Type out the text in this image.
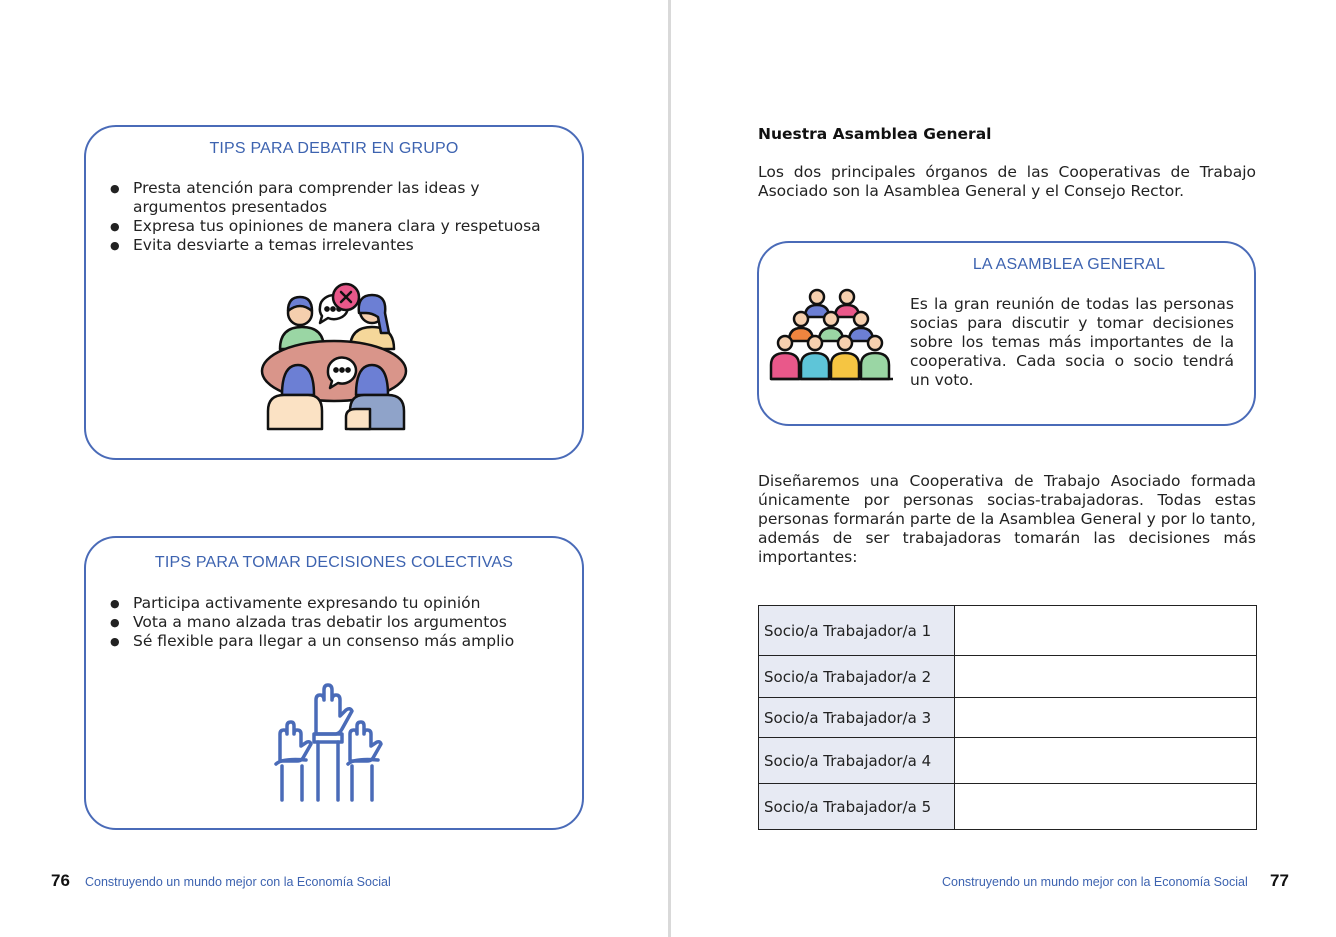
TIPS PARA DEBATIR EN GRUPO
● Presta atención para comprender las ideas y argumentos presentados
● Expresa tus opiniones de manera clara y respetuosa
● Evita desviarte a temas irrelevantes
TIPS PARA TOMAR DECISIONES COLECTIVAS
● Participa activamente expresando tu opinión
● Vota a mano alzada tras debatir los argumentos
● Sé flexible para llegar a un consenso más amplio
76 Construyendo un mundo mejor con la Economía Social
Nuestra Asamblea General
Los dos principales órganos de las Cooperativas de Trabajo Asociado son la Asamblea General y el Consejo Rector.
LA ASAMBLEA GENERAL
Es la gran reunión de todas las personas socias para discutir y tomar decisiones sobre los temas más importantes de la cooperativa. Cada socia o socio tendrá un voto.
Diseñaremos una Cooperativa de Trabajo Asociado formada únicamente por personas socias-trabajadoras. Todas estas personas formarán parte de la Asamblea General y por lo tanto, además de ser trabajadoras tomarán las decisiones más importantes:
Socio/a Trabajador/a 1	
Socio/a Trabajador/a 2	
Socio/a Trabajador/a 3	
Socio/a Trabajador/a 4	
Socio/a Trabajador/a 5	
Construyendo un mundo mejor con la Economía Social 77
